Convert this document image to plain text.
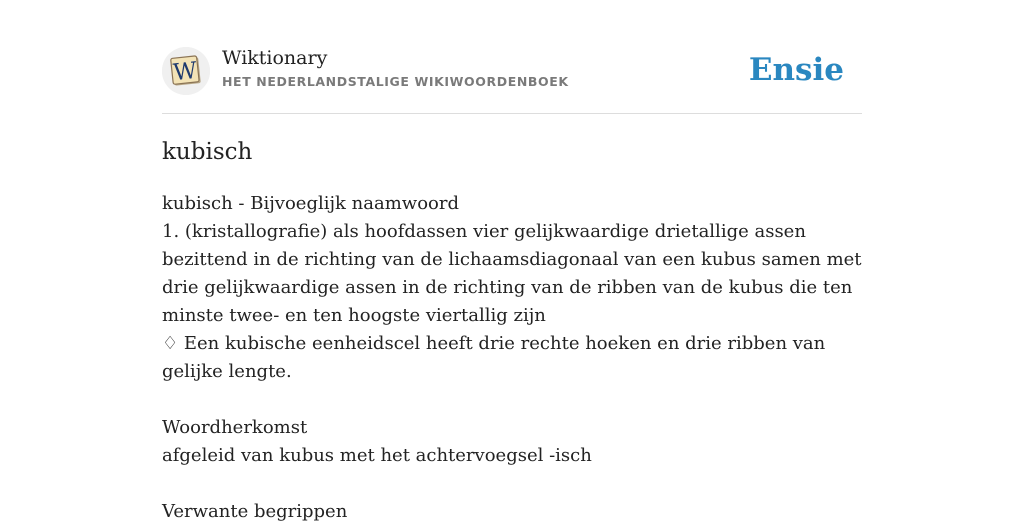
W Wiktionary
HET NEDERLANDSTALIGE WIKIWOORDENBOEK	Ensie
kubisch
kubisch - Bijvoeglijk naamwoord
1. (kristallografie) als hoofdassen vier gelijkwaardige drietallige assen bezittend in de richting van de lichaamsdiagonaal van een kubus samen met drie gelijkwaardige assen in de richting van de ribben van de kubus die ten minste twee- en ten hoogste viertallig zijn
♢ Een kubische eenheidscel heeft drie rechte hoeken en drie ribben van gelijke lengte.
Woordherkomst
afgeleid van kubus met het achtervoegsel -isch
Verwante begrippen
